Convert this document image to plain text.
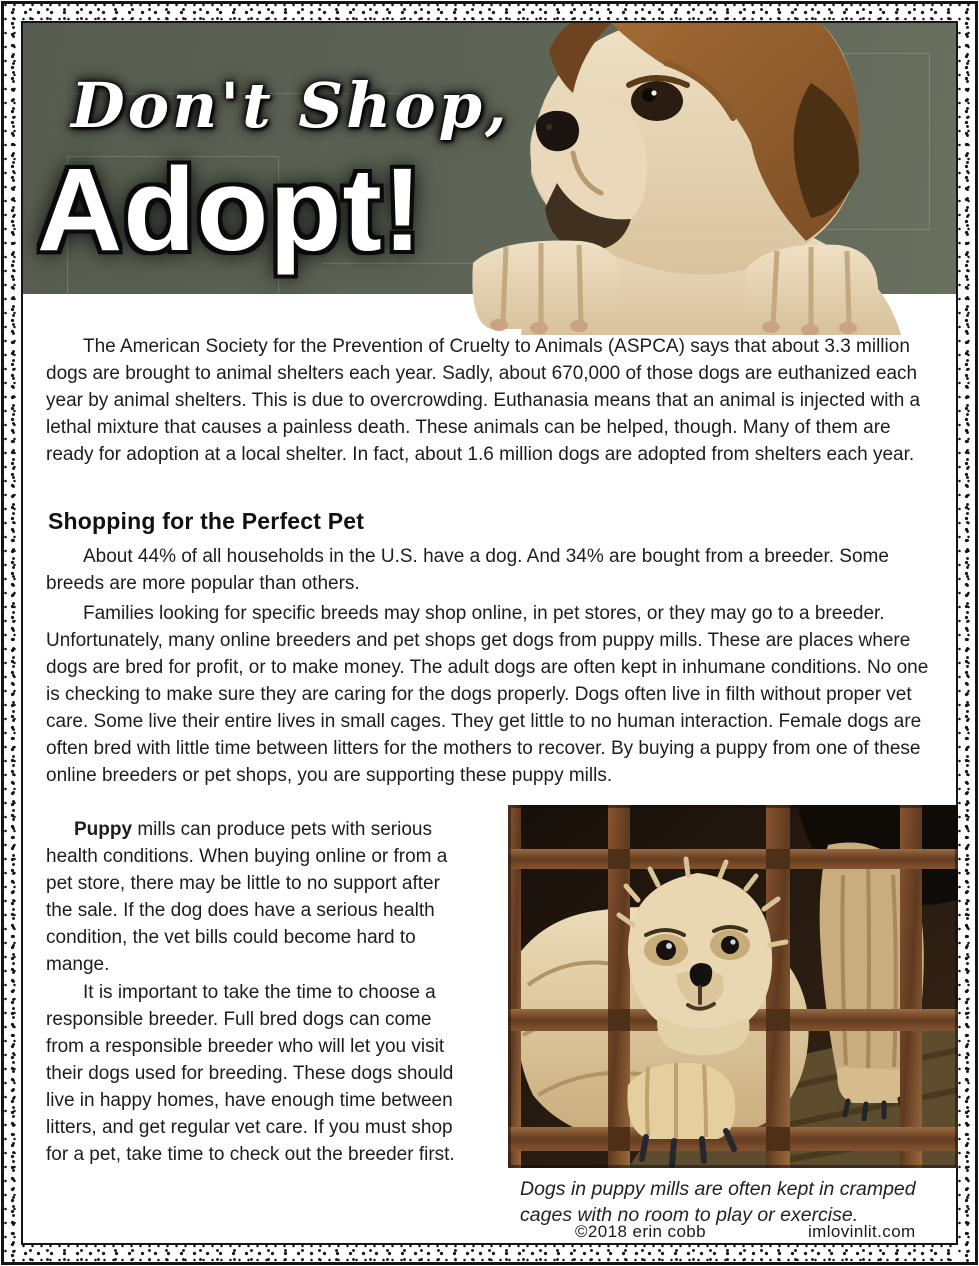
Don't Shop,
Adopt!

The American Society for the Prevention of Cruelty to Animals (ASPCA) says that about 3.3 million dogs are brought to animal shelters each year. Sadly, about 670,000 of those dogs are euthanized each year by animal shelters. This is due to overcrowding. Euthanasia means that an animal is injected with a lethal mixture that causes a painless death. These animals can be helped, though. Many of them are ready for adoption at a local shelter. In fact, about 1.6 million dogs are adopted from shelters each year.

Shopping for the Perfect Pet

About 44% of all households in the U.S. have a dog. And 34% are bought from a breeder. Some breeds are more popular than others.

Families looking for specific breeds may shop online, in pet stores, or they may go to a breeder. Unfortunately, many online breeders and pet shops get dogs from puppy mills. These are places where dogs are bred for profit, or to make money. The adult dogs are often kept in inhumane conditions. No one is checking to make sure they are caring for the dogs properly. Dogs often live in filth without proper vet care. Some live their entire lives in small cages. They get little to no human interaction. Female dogs are often bred with little time between litters for the mothers to recover. By buying a puppy from one of these online breeders or pet shops, you are supporting these puppy mills.

Puppy mills can produce pets with serious health conditions. When buying online or from a pet store, there may be little to no support after the sale. If the dog does have a serious health condition, the vet bills could become hard to mange.

It is important to take the time to choose a responsible breeder. Full bred dogs can come from a responsible breeder who will let you visit their dogs used for breeding. These dogs should live in happy homes, have enough time between litters, and get regular vet care. If you must shop for a pet, take time to check out the breeder first.

Dogs in puppy mills are often kept in cramped cages with no room to play or exercise.
©2018 erin cobb	imlovinlit.com
